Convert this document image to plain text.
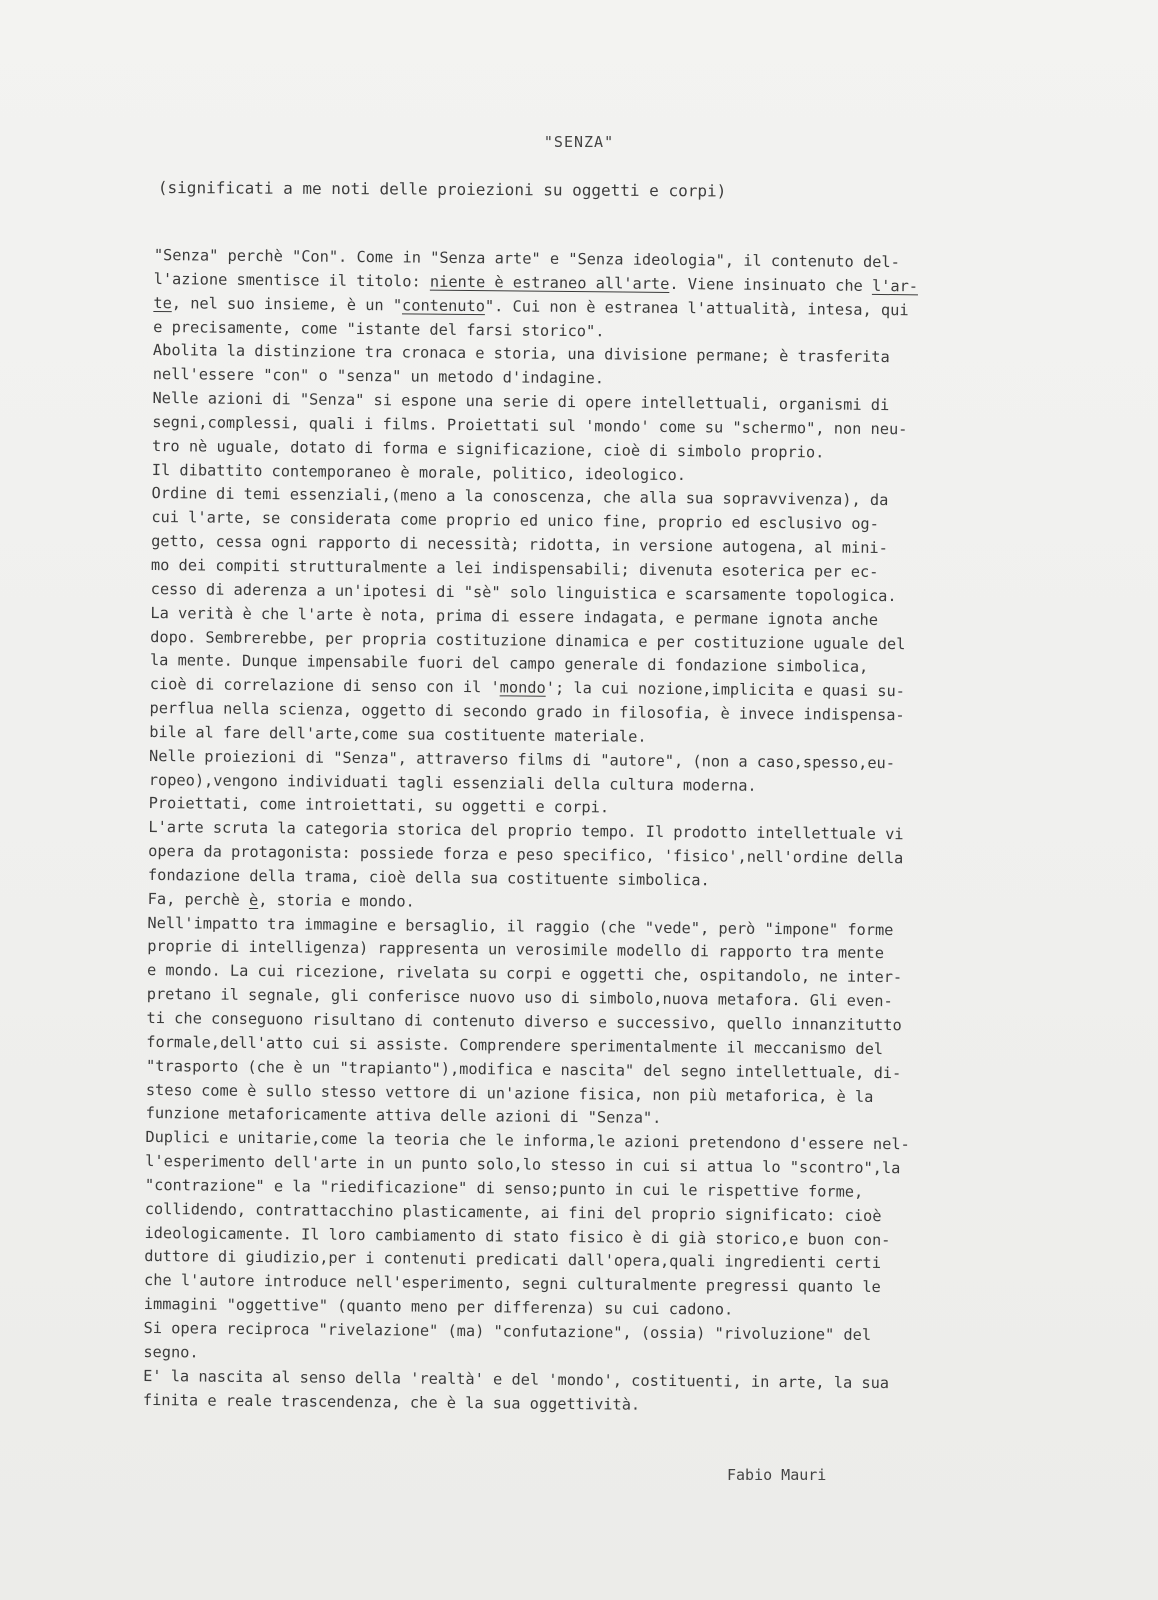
"SENZA"
(significati a me noti delle proiezioni su oggetti e corpi)
"Senza" perchè "Con". Come in "Senza arte" e "Senza ideologia", il contenuto del-
l'azione smentisce il titolo: niente è estraneo all'arte. Viene insinuato che l'ar-
te, nel suo insieme, è un "contenuto". Cui non è estranea l'attualità, intesa, qui
e precisamente, come "istante del farsi storico".
Abolita la distinzione tra cronaca e storia, una divisione permane; è trasferita
nell'essere "con" o "senza" un metodo d'indagine.
Nelle azioni di "Senza" si espone una serie di opere intellettuali, organismi di
segni,complessi, quali i films. Proiettati sul 'mondo' come su "schermo", non neu-
tro nè uguale, dotato di forma e significazione, cioè di simbolo proprio.
Il dibattito contemporaneo è morale, politico, ideologico.
Ordine di temi essenziali,(meno a la conoscenza, che alla sua sopravvivenza), da
cui l'arte, se considerata come proprio ed unico fine, proprio ed esclusivo og-
getto, cessa ogni rapporto di necessità; ridotta, in versione autogena, al mini-
mo dei compiti strutturalmente a lei indispensabili; divenuta esoterica per ec-
cesso di aderenza a un'ipotesi di "sè" solo linguistica e scarsamente topologica.
La verità è che l'arte è nota, prima di essere indagata, e permane ignota anche
dopo. Sembrerebbe, per propria costituzione dinamica e per costituzione uguale del
la mente. Dunque impensabile fuori del campo generale di fondazione simbolica,
cioè di correlazione di senso con il 'mondo'; la cui nozione,implicita e quasi su-
perflua nella scienza, oggetto di secondo grado in filosofia, è invece indispensa-
bile al fare dell'arte,come sua costituente materiale.
Nelle proiezioni di "Senza", attraverso films di "autore", (non a caso,spesso,eu-
ropeo),vengono individuati tagli essenziali della cultura moderna.
Proiettati, come introiettati, su oggetti e corpi.
L'arte scruta la categoria storica del proprio tempo. Il prodotto intellettuale vi
opera da protagonista: possiede forza e peso specifico, 'fisico',nell'ordine della
fondazione della trama, cioè della sua costituente simbolica.
Fa, perchè è, storia e mondo.
Nell'impatto tra immagine e bersaglio, il raggio (che "vede", però "impone" forme
proprie di intelligenza) rappresenta un verosimile modello di rapporto tra mente
e mondo. La cui ricezione, rivelata su corpi e oggetti che, ospitandolo, ne inter-
pretano il segnale, gli conferisce nuovo uso di simbolo,nuova metafora. Gli even-
ti che conseguono risultano di contenuto diverso e successivo, quello innanzitutto
formale,dell'atto cui si assiste. Comprendere sperimentalmente il meccanismo del
"trasporto (che è un "trapianto"),modifica e nascita" del segno intellettuale, di-
steso come è sullo stesso vettore di un'azione fisica, non più metaforica, è la
funzione metaforicamente attiva delle azioni di "Senza".
Duplici e unitarie,come la teoria che le informa,le azioni pretendono d'essere nel-
l'esperimento dell'arte in un punto solo,lo stesso in cui si attua lo "scontro",la
"contrazione" e la "riedificazione" di senso;punto in cui le rispettive forme,
collidendo, contrattacchino plasticamente, ai fini del proprio significato: cioè
ideologicamente. Il loro cambiamento di stato fisico è di già storico,e buon con-
duttore di giudizio,per i contenuti predicati dall'opera,quali ingredienti certi
che l'autore introduce nell'esperimento, segni culturalmente pregressi quanto le
immagini "oggettive" (quanto meno per differenza) su cui cadono.
Si opera reciproca "rivelazione" (ma) "confutazione", (ossia) "rivoluzione" del
segno.
E' la nascita al senso della 'realtà' e del 'mondo', costituenti, in arte, la sua
finita e reale trascendenza, che è la sua oggettività.
Fabio Mauri
